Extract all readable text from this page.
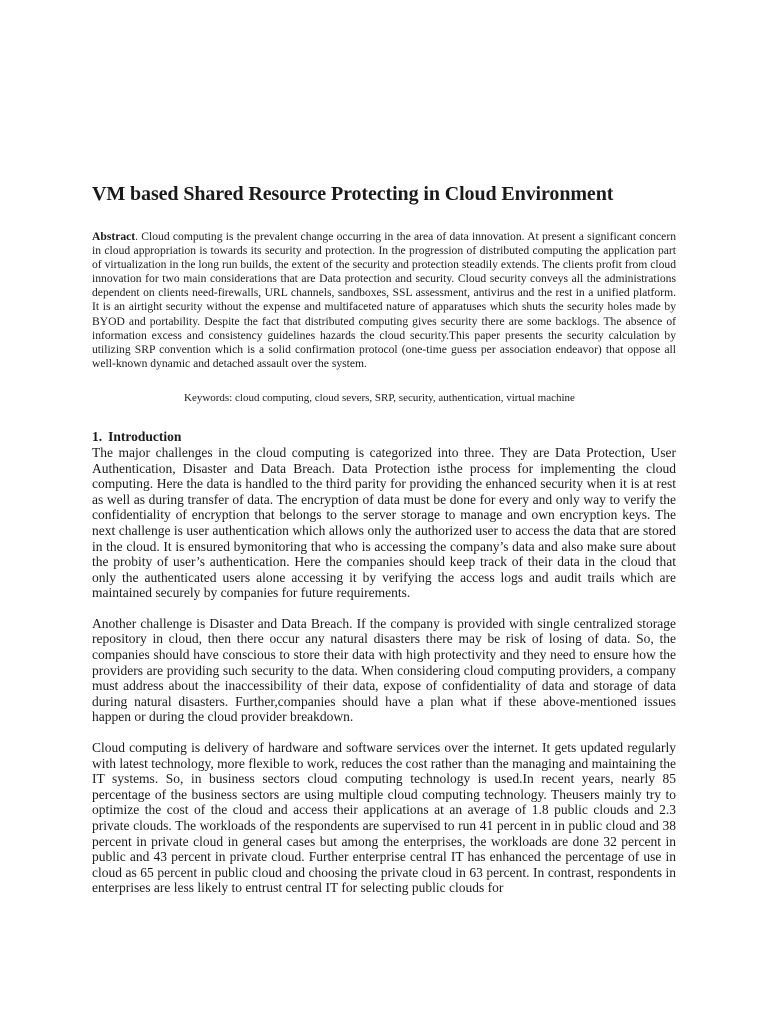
VM based Shared Resource Protecting in Cloud Environment

Abstract. Cloud computing is the prevalent change occurring in the area of data innovation. At present a significant concern in cloud appropriation is towards its security and protection. In the progression of distributed computing the application part of virtualization in the long run builds, the extent of the security and protection steadily extends. The clients profit from cloud innovation for two main considerations that are Data protection and security. Cloud security conveys all the administrations dependent on clients need-firewalls, URL channels, sandboxes, SSL assessment, antivirus and the rest in a unified platform. It is an airtight security without the expense and multifaceted nature of apparatuses which shuts the security holes made by BYOD and portability. Despite the fact that distributed computing gives security there are some backlogs. The absence of information excess and consistency guidelines hazards the cloud security.This paper presents the security calculation by utilizing SRP convention which is a solid confirmation protocol (one-time guess per association endeavor) that oppose all well-known dynamic and detached assault over the system.

Keywords: cloud computing, cloud severs, SRP, security, authentication, virtual machine
1. Introduction

The major challenges in the cloud computing is categorized into three. They are Data Protection, User Authentication, Disaster and Data Breach. Data Protection isthe process for implementing the cloud computing. Here the data is handled to the third parity for providing the enhanced security when it is at rest as well as during transfer of data. The encryption of data must be done for every and only way to verify the confidentiality of encryption that belongs to the server storage to manage and own encryption keys. The next challenge is user authentication which allows only the authorized user to access the data that are stored in the cloud. It is ensured bymonitoring that who is accessing the company’s data and also make sure about the probity of user’s authentication. Here the companies should keep track of their data in the cloud that only the authenticated users alone accessing it by verifying the access logs and audit trails which are maintained securely by companies for future requirements.

Another challenge is Disaster and Data Breach. If the company is provided with single centralized storage repository in cloud, then there occur any natural disasters there may be risk of losing of data. So, the companies should have conscious to store their data with high protectivity and they need to ensure how the providers are providing such security to the data. When considering cloud computing providers, a company must address about the inaccessibility of their data, expose of confidentiality of data and storage of data during natural disasters. Further,companies should have a plan what if these above-mentioned issues happen or during the cloud provider breakdown.

Cloud computing is delivery of hardware and software services over the internet. It gets updated regularly with latest technology, more flexible to work, reduces the cost rather than the managing and maintaining the IT systems. So, in business sectors cloud computing technology is used.In recent years, nearly 85 percentage of the business sectors are using multiple cloud computing technology. Theusers mainly try to optimize the cost of the cloud and access their applications at an average of 1.8 public clouds and 2.3 private clouds. The workloads of the respondents are supervised to run 41 percent in in public cloud and 38 percent in private cloud in general cases but among the enterprises, the workloads are done 32 percent in public and 43 percent in private cloud. Further enterprise central IT has enhanced the percentage of use in cloud as 65 percent in public cloud and choosing the private cloud in 63 percent. In contrast, respondents in enterprises are less likely to entrust central IT for selecting public clouds for
